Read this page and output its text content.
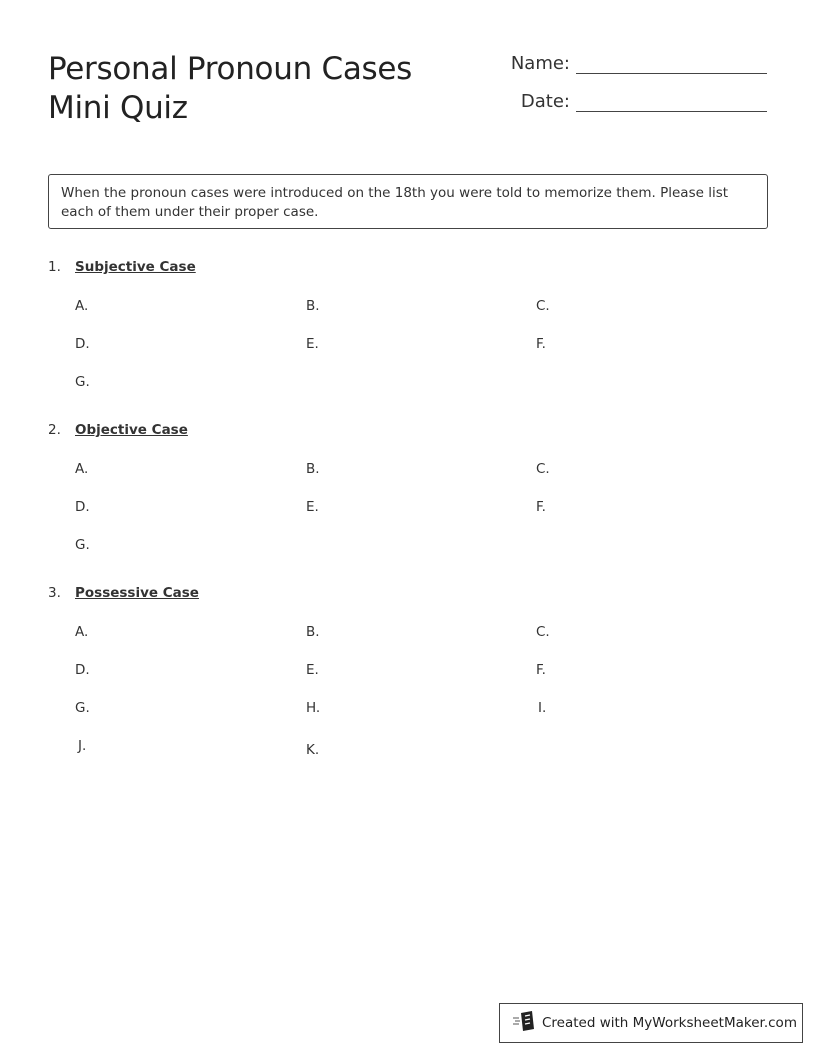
Personal Pronoun Cases
Mini Quiz
Name:
Date:
When the pronoun cases were introduced on the 18th you were told to memorize them. Please list each of them under their proper case.
1.	Subjective Case
A.	B.	C.
D.	E.	F.
G.
2.	Objective Case
A.	B.	C.
D.	E.	F.
G.
3.	Possessive Case
A.	B.	C.
D.	E.	F.
G.	H.	I.
J.	K.
Created with MyWorksheetMaker.com
